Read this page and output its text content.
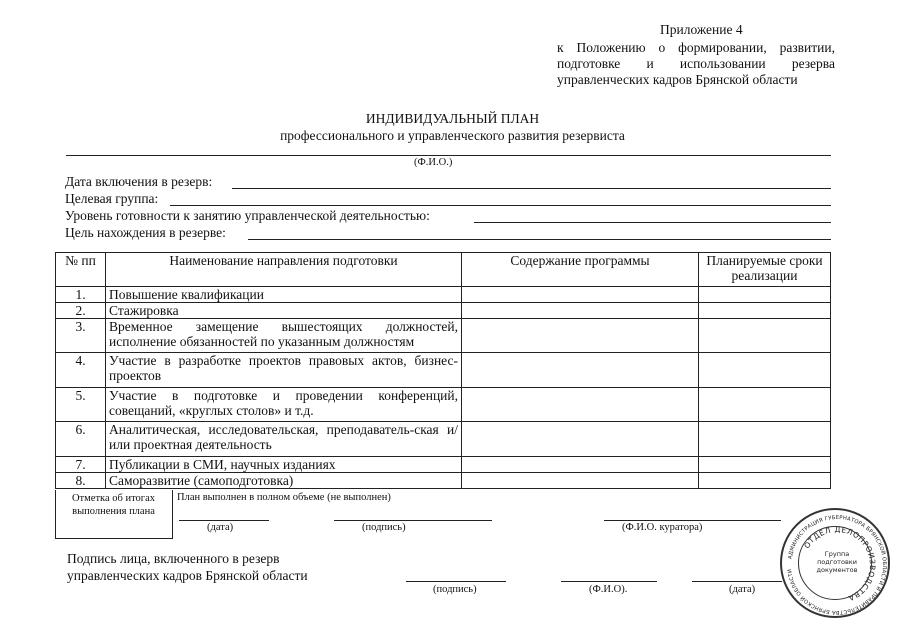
Приложение 4
к Положению о формировании, развитии,
подготовке и использовании резерва
управленческих кадров Брянской области
ИНДИВИДУАЛЬНЫЙ ПЛАН
профессионального и управленческого развития резервиста
(Ф.И.О.)
Дата включения в резерв:
Целевая группа:
Уровень готовности к занятию управленческой деятельностью:
Цель нахождения в резерве:
№ пп	Наименование направления подготовки	Содержание программы	Планируемые сроки реализации
1.	Повышение квалификации		
2.	Стажировка		
3.	Временное замещение вышестоящих должностей, исполнение обязанностей по указанным должностям		
4.	Участие в разработке проектов правовых актов, бизнес-проектов		
5.	Участие в подготовке и проведении конференций, совещаний, «круглых столов» и т.д.		
6.	Аналитическая, исследовательская, преподаватель-ская и/или проектная деятельность		
7.	Публикации в СМИ, научных изданиях		
8.	Саморазвитие (самоподготовка)		
Отметка об итогах выполнения плана
План выполнен в полном объеме (не выполнен)
(дата)	(подпись)	(Ф.И.О. куратора)
Подпись лица, включенного в резерв
управленческих кадров Брянской области
(подпись)	(Ф.И.О).	(дата)
АДМИНИСТРАЦИЯ ГУБЕРНАТОРА БРЯНСКОЙ ОБЛАСТИ И ПРАВИТЕЛЬСТВА БРЯНСКОЙ ОБЛАСТИ
ОТДЕЛ ДЕЛОПРОИЗВОДСТВА
Группа
подготовки
документов
